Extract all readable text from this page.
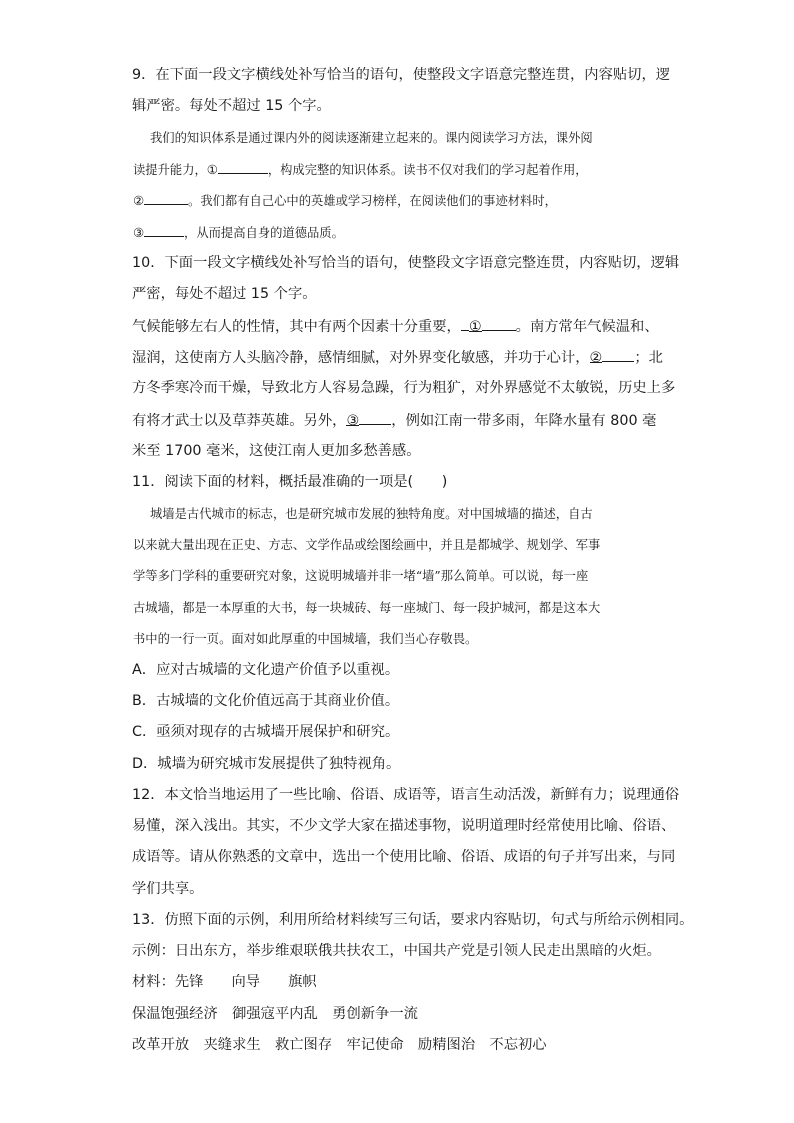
9．在下面一段文字横线处补写恰当的语句，使整段文字语意完整连贯，内容贴切，逻
辑严密。每处不超过 15 个字。
我们的知识体系是通过课内外的阅读逐渐建立起来的。课内阅读学习方法，课外阅
读提升能力，①	，构成完整的知识体系。读书不仅对我们的学习起着作用，
②	。我们都有自己心中的英雄或学习榜样，在阅读他们的事迹材料时，
③	，从而提高自身的道德品质。
10．下面一段文字横线处补写恰当的语句，使整段文字语意完整连贯，内容贴切，逻辑
严密，每处不超过 15 个字。
气候能够左右人的性情，其中有两个因素十分重要， ① 。南方常年气候温和、
湿润，这使南方人头脑冷静，感情细腻，对外界变化敏感，并功于心计，② ；北
方冬季寒冷而干燥，导致北方人容易急躁，行为粗犷，对外界感觉不太敏锐，历史上多
有将才武士以及草莽英雄。另外，③ ，例如江南一带多雨，年降水量有 800 毫
米至 1700 毫米，这使江南人更加多愁善感。
11．阅读下面的材料，概括最准确的一项是(　　)
城墙是古代城市的标志，也是研究城市发展的独特角度。对中国城墙的描述，自古
以来就大量出现在正史、方志、文学作品或绘图绘画中，并且是都城学、规划学、军事
学等多门学科的重要研究对象，这说明城墙并非一堵“墙”那么简单。可以说，每一座
古城墙，都是一本厚重的大书，每一块城砖、每一座城门、每一段护城河，都是这本大
书中的一行一页。面对如此厚重的中国城墙，我们当心存敬畏。
A．应对古城墙的文化遗产价值予以重视。
B．古城墙的文化价值远高于其商业价值。
C．亟须对现存的古城墙开展保护和研究。
D．城墙为研究城市发展提供了独特视角。
12．本文恰当地运用了一些比喻、俗语、成语等，语言生动活泼，新鲜有力；说理通俗
易懂，深入浅出。其实，不少文学大家在描述事物，说明道理时经常使用比喻、俗语、
成语等。请从你熟悉的文章中，选出一个使用比喻、俗语、成语的句子并写出来，与同
学们共享。
13．仿照下面的示例，利用所给材料续写三句话，要求内容贴切，句式与所给示例相同。
示例：日出东方，举步维艰联俄共扶农工，中国共产党是引领人民走出黑暗的火炬。
材料：先锋 向导 旗帜
保温饱强经济　御强寇平内乱　勇创新争一流
改革开放　夹缝求生　救亡图存　牢记使命　励精图治　不忘初心
